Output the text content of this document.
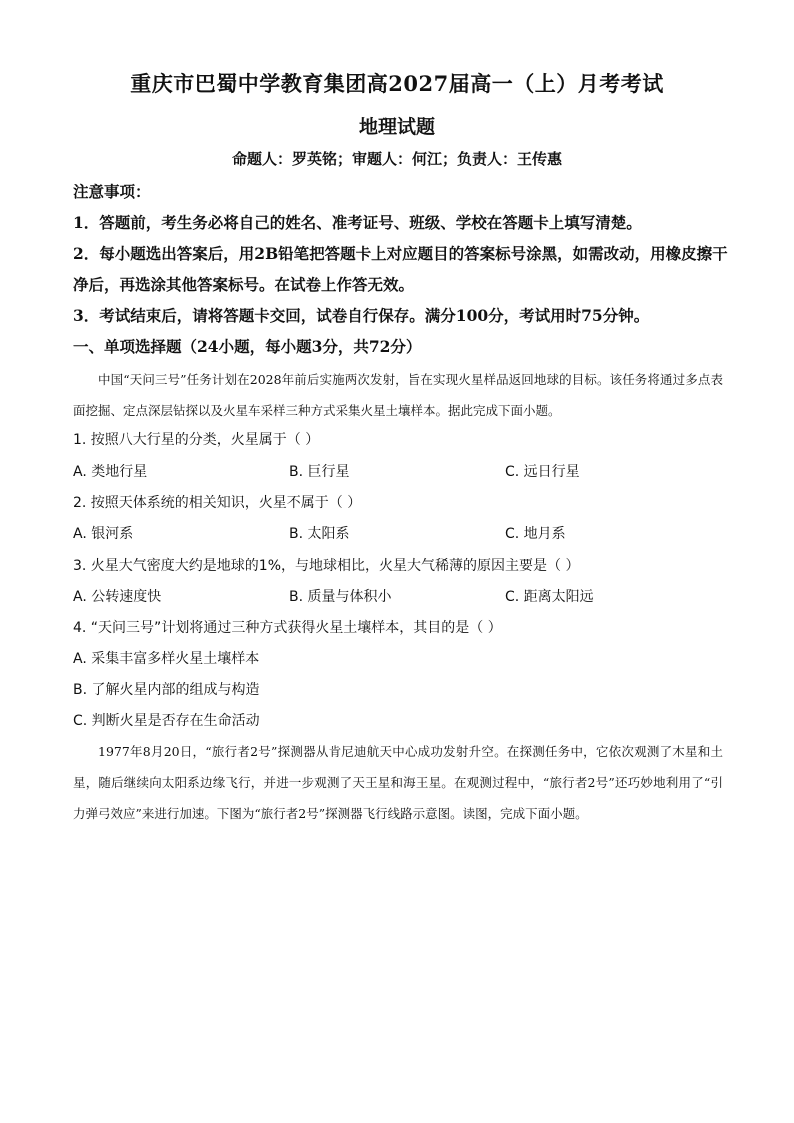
重庆市巴蜀中学教育集团高2027届高一（上）月考考试
地理试题
命题人：罗英铭；审题人：何江；负责人：王传惠
注意事项：
1．答题前，考生务必将自己的姓名、准考证号、班级、学校在答题卡上填写清楚。
2．每小题选出答案后，用2B铅笔把答题卡上对应题目的答案标号涂黑，如需改动，用橡皮擦干净后，再选涂其他答案标号。在试卷上作答无效。
3．考试结束后，请将答题卡交回，试卷自行保存。满分100分，考试用时75分钟。
一、单项选择题（24小题，每小题3分，共72分）
中国“天问三号”任务计划在2028年前后实施两次发射，旨在实现火星样品返回地球的目标。该任务将通过多点表面挖掘、定点深层钻探以及火星车采样三种方式采集火星土壤样本。据此完成下面小题。
1. 按照八大行星的分类，火星属于（ ）
A. 类地行星	B. 巨行星	C. 远日行星
2. 按照天体系统的相关知识，火星不属于（ ）
A. 银河系	B. 太阳系	C. 地月系
3. 火星大气密度大约是地球的1%，与地球相比，火星大气稀薄的原因主要是（ ）
A. 公转速度快	B. 质量与体积小	C. 距离太阳远
4. “天问三号”计划将通过三种方式获得火星土壤样本，其目的是（ ）
A. 采集丰富多样火星土壤样本
B. 了解火星内部的组成与构造
C. 判断火星是否存在生命活动
1977年8月20日，“旅行者2号”探测器从肯尼迪航天中心成功发射升空。在探测任务中，它依次观测了木星和土星，随后继续向太阳系边缘飞行，并进一步观测了天王星和海王星。在观测过程中，“旅行者2号”还巧妙地利用了“引力弹弓效应”来进行加速。下图为“旅行者2号”探测器飞行线路示意图。读图，完成下面小题。
